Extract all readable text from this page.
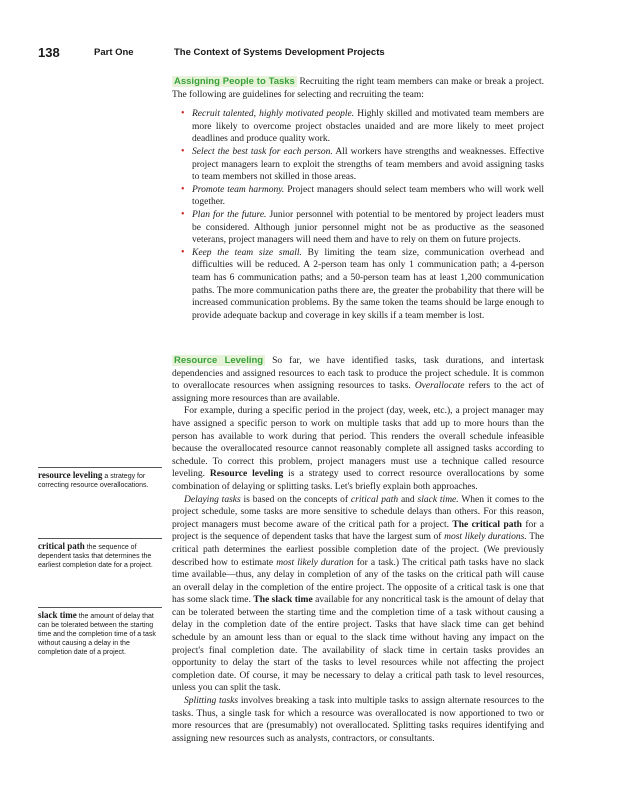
138	Part One	The Context of Systems Development Projects

Assigning People to Tasks Recruiting the right team members can make or break a project. The following are guidelines for selecting and recruiting the team:

• Recruit talented, highly motivated people. Highly skilled and motivated team members are more likely to overcome project obstacles unaided and are more likely to meet project deadlines and produce quality work.
• Select the best task for each person. All workers have strengths and weaknesses. Effective project managers learn to exploit the strengths of team members and avoid assigning tasks to team members not skilled in those areas.
• Promote team harmony. Project managers should select team members who will work well together.
• Plan for the future. Junior personnel with potential to be mentored by project leaders must be considered. Although junior personnel might not be as productive as the seasoned veterans, project managers will need them and have to rely on them on future projects.
• Keep the team size small. By limiting the team size, communication overhead and difficulties will be reduced. A 2-person team has only 1 communication path; a 4-person team has 6 communication paths; and a 50-person team has at least 1,200 communication paths. The more communication paths there are, the greater the probability that there will be increased communication problems. By the same token the teams should be large enough to provide adequate backup and coverage in key skills if a team member is lost.

Resource Leveling So far, we have identified tasks, task durations, and intertask dependencies and assigned resources to each task to produce the project schedule. It is common to overallocate resources when assigning resources to tasks. Overallocate refers to the act of assigning more resources than are available.

For example, during a specific period in the project (day, week, etc.), a project manager may have assigned a specific person to work on multiple tasks that add up to more hours than the person has available to work during that period. This renders the overall schedule infeasible because the overallocated resource cannot reasonably complete all assigned tasks according to schedule. To correct this problem, project managers must use a technique called resource leveling. Resource leveling is a strategy used to correct resource overallocations by some combination of delaying or splitting tasks. Let's briefly explain both approaches.

Delaying tasks is based on the concepts of critical path and slack time. When it comes to the project schedule, some tasks are more sensitive to schedule delays than others. For this reason, project managers must become aware of the critical path for a project. The critical path for a project is the sequence of dependent tasks that have the largest sum of most likely durations. The critical path determines the earliest possible completion date of the project. (We previously described how to estimate most likely duration for a task.) The critical path tasks have no slack time available—thus, any delay in completion of any of the tasks on the critical path will cause an overall delay in the completion of the entire project. The opposite of a critical task is one that has some slack time. The slack time available for any noncritical task is the amount of delay that can be tolerated between the starting time and the completion time of a task without causing a delay in the completion date of the entire project. Tasks that have slack time can get behind schedule by an amount less than or equal to the slack time without having any impact on the project's final completion date. The availability of slack time in certain tasks provides an opportunity to delay the start of the tasks to level resources while not affecting the project completion date. Of course, it may be necessary to delay a critical path task to level resources, unless you can split the task.

Splitting tasks involves breaking a task into multiple tasks to assign alternate resources to the tasks. Thus, a single task for which a resource was overallocated is now apportioned to two or more resources that are (presumably) not overallocated. Splitting tasks requires identifying and assigning new resources such as analysts, contractors, or consultants.

resource leveling a strategy for correcting resource overallocations.
critical path the sequence of dependent tasks that determines the earliest completion date for a project.
slack time the amount of delay that can be tolerated between the starting time and the completion time of a task without causing a delay in the completion date of a project.
